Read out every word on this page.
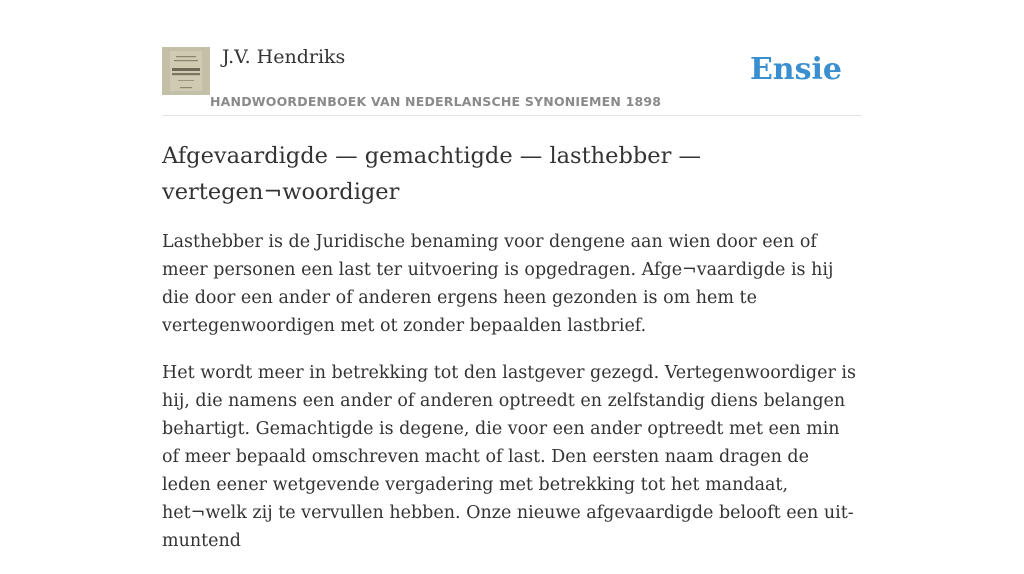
J.V. Hendriks
HANDWOORDENBOEK VAN NEDERLANSCHE SYNONIEMEN 1898
Ensie
Afgevaardigde — gemachtigde — lasthebber — vertegen¬woordiger

Lasthebber is de Juridische benaming voor dengene aan wien door een of meer personen een last ter uitvoering is opgedragen. Afge¬vaardigde is hij die door een ander of anderen ergens heen gezonden is om hem te vertegenwoordigen met ot zonder bepaalden lastbrief.

Het wordt meer in betrekking tot den lastgever gezegd. Vertegenwoordiger is hij, die namens een ander of anderen optreedt en zelfstandig diens belangen behartigt. Gemachtigde is degene, die voor een ander optreedt met een min of meer bepaald omschreven macht of last. Den eersten naam dragen de leden eener wetgevende vergadering met betrekking tot het mandaat, het¬welk zij te vervullen hebben. Onze nieuwe afgevaardigde belooft een uit- muntend
